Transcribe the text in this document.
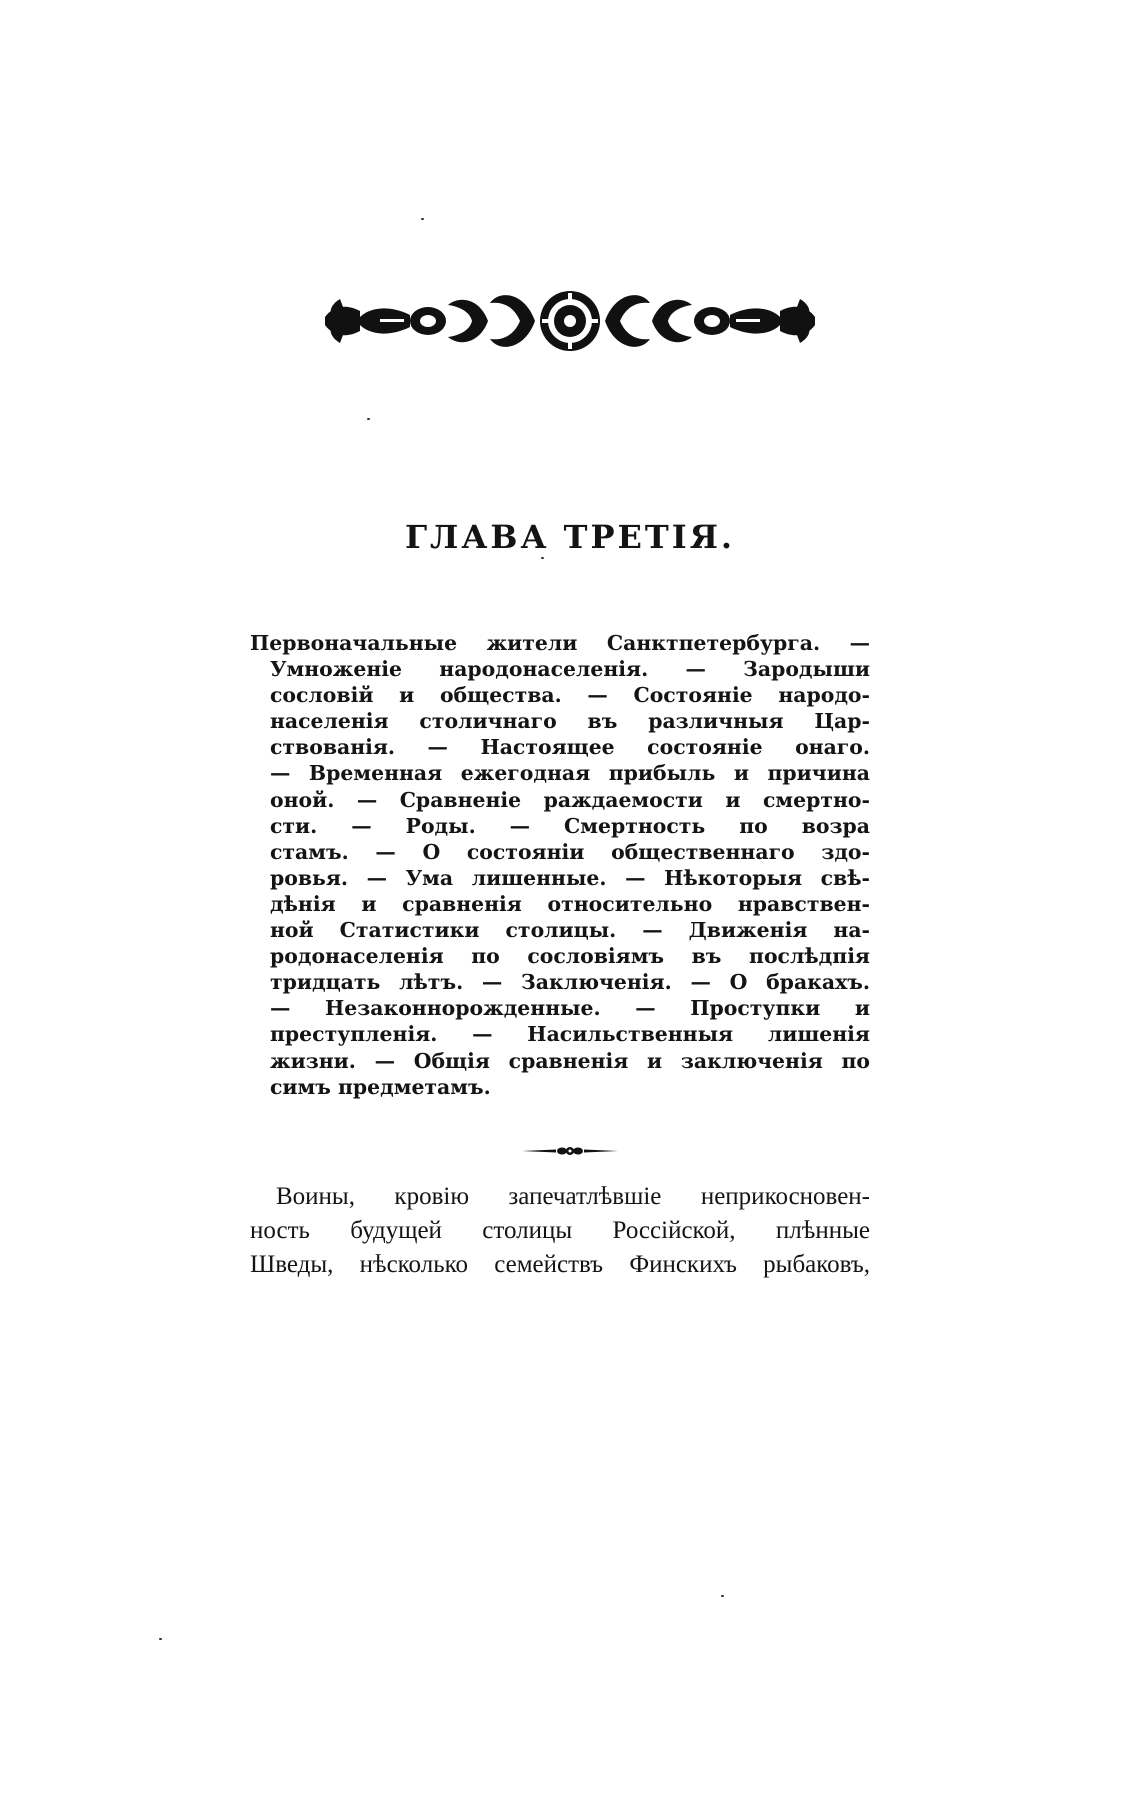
ГЛАВА ТРЕТІЯ.
Первоначальные жители Санктпетербурга. —
Умноженіе народонаселенія. — Зародыши
сословій и общества. — Состояніе народо-
населенія столичнаго въ различныя Цар-
ствованія. — Настоящее состояніе онаго.
— Временная ежегодная прибыль и причина
оной. — Сравненіе раждаемости и смертно-
сти. — Роды. — Смертность по возра
стамъ. — О состояніи общественнаго здо-
ровья. — Ума лишенные. — Нѣкоторыя свѣ-
дѣнія и сравненія относительно нравствен-
ной Статистики столицы. — Движенія на-
родонаселенія по сословіямъ въ послѣдпія
тридцать лѣтъ. — Заключенія. — О бракахъ.
— Незаконнорожденные. — Проступки и
преступленія. — Насильственныя лишенія
жизни. — Общія сравненія и заключенія по
симъ предметамъ.
Воины, кровію запечатлѣвшіе неприкосновен-
ность будущей столицы Россійской, плѣнные
Шведы, нѣсколько семействъ Финскихъ рыбаковъ,
